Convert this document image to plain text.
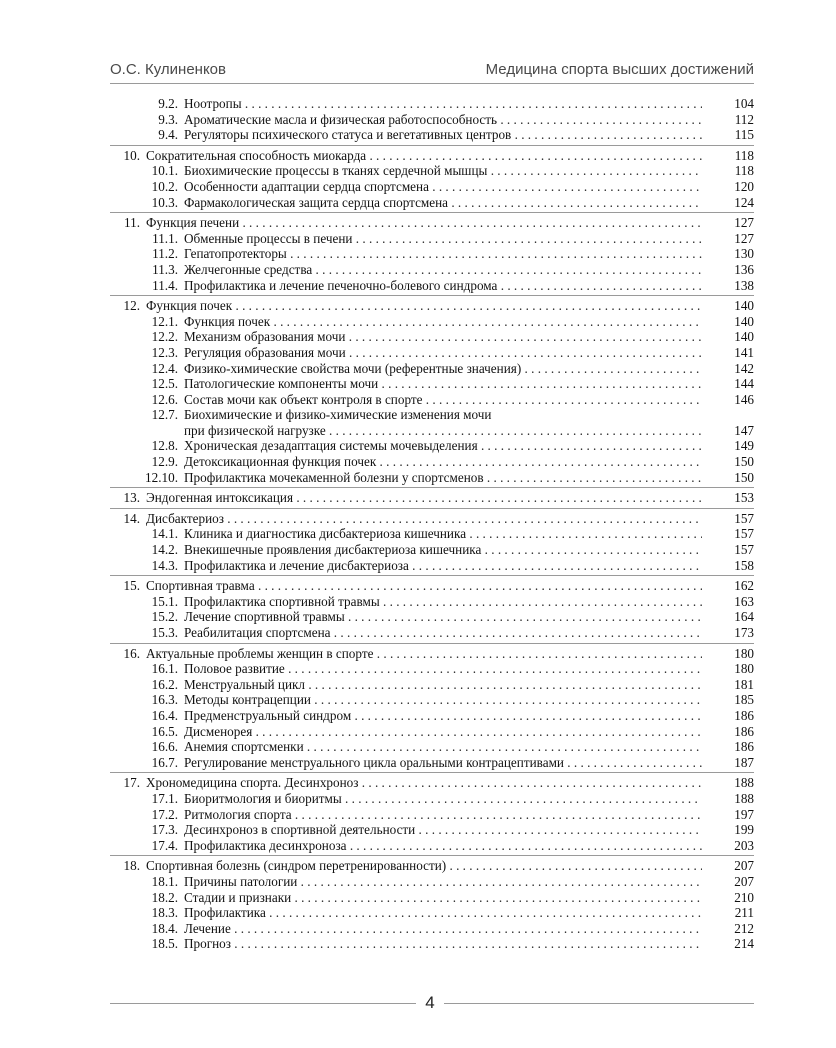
О.С. Кулиненков	Медицина спорта высших достижений
9.2. Ноотропы . . .	104
9.3. Ароматические масла и физическая работоспособность . . .	112
9.4. Регуляторы психического статуса и вегетативных центров . . .	115
10. Сократительная способность миокарда . . .	118
10.1. Биохимические процессы в тканях сердечной мышцы . . .	118
10.2. Особенности адаптации сердца спортсмена . . .	120
10.3. Фармакологическая защита сердца спортсмена . . .	124
11. Функция печени . . .	127
11.1. Обменные процессы в печени . . .	127
11.2. Гепатопротекторы . . .	130
11.3. Желчегонные средства . . .	136
11.4. Профилактика и лечение печеночно-болевого синдрома . . .	138
12. Функция почек . . .	140
12.1. Функция почек . . .	140
12.2. Механизм образования мочи . . .	140
12.3. Регуляция образования мочи . . .	141
12.4. Физико-химические свойства мочи (референтные значения) . . .	142
12.5. Патологические компоненты мочи . . .	144
12.6. Состав мочи как объект контроля в спорте . . .	146
12.7. Биохимические и физико-химические изменения мочи
при физической нагрузке . . .	147
12.8. Хроническая дезадаптация системы мочевыделения . . .	149
12.9. Детоксикационная функция почек . . .	150
12.10. Профилактика мочекаменной болезни у спортсменов . . .	150
13. Эндогенная интоксикация . . .	153
14. Дисбактериоз . . .	157
14.1. Клиника и диагностика дисбактериоза кишечника . . .	157
14.2. Внекишечные проявления дисбактериоза кишечника . . .	157
14.3. Профилактика и лечение дисбактериоза . . .	158
15. Спортивная травма . . .	162
15.1. Профилактика спортивной травмы . . .	163
15.2. Лечение спортивной травмы . . .	164
15.3. Реабилитация спортсмена . . .	173
16. Актуальные проблемы женщин в спорте . . .	180
16.1. Половое развитие . . .	180
16.2. Менструальный цикл . . .	181
16.3. Методы контрацепции . . .	185
16.4. Предменструальный синдром . . .	186
16.5. Дисменорея . . .	186
16.6. Анемия спортсменки . . .	186
16.7. Регулирование менструального цикла оральными контрацептивами . . .	187
17. Хрономедицина спорта. Десинхроноз . . .	188
17.1. Биоритмология и биоритмы . . .	188
17.2. Ритмология спорта . . .	197
17.3. Десинхроноз в спортивной деятельности . . .	199
17.4. Профилактика десинхроноза . . .	203
18. Спортивная болезнь (синдром перетренированности) . . .	207
18.1. Причины патологии . . .	207
18.2. Стадии и признаки . . .	210
18.3. Профилактика . . .	211
18.4. Лечение . . .	212
18.5. Прогноз . . .	214
4
